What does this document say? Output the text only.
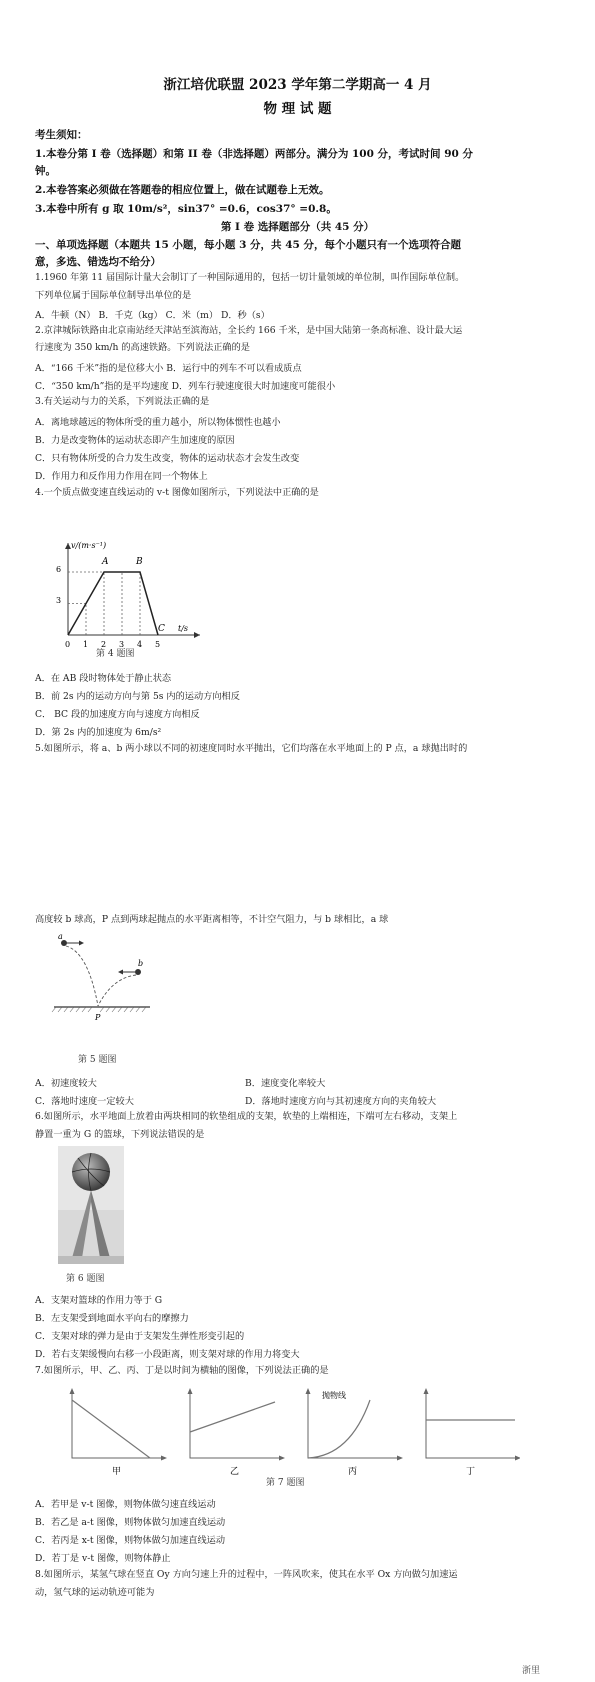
浙江培优联盟 2023 学年第二学期高一 4 月
物 理 试 题
考生须知：
1.本卷分第 I 卷（选择题）和第 II 卷（非选择题）两部分。满分为 100 分，考试时间 90 分
钟。
2.本卷答案必须做在答题卷的相应位置上，做在试题卷上无效。
3.本卷中所有 g 取 10m/s²，sin37° =0.6，cos37° =0.8。
第 I 卷 选择题部分（共 45 分）
一、单项选择题（本题共 15 小题，每小题 3 分，共 45 分，每个小题只有一个选项符合题
意，多选、错选均不给分）
1.1960 年第 11 届国际计量大会制订了一种国际通用的，包括一切计量领域的单位制，叫作国际单位制。
下列单位属于国际单位制导出单位的是
A．牛顿（N） B．千克（kg） C．米（m） D．秒（s）
2.京津城际铁路由北京南站经天津站至滨海站，全长约 166 千米，是中国大陆第一条高标准、设计最大运
行速度为 350 km/h 的高速铁路。下列说法正确的是
A．“166 千米”指的是位移大小 B．运行中的列车不可以看成质点
C．“350 km/h”指的是平均速度 D．列车行驶速度很大时加速度可能很小
3.有关运动与力的关系，下列说法正确的是
A．离地球越远的物体所受的重力越小，所以物体惯性也越小
B．力是改变物体的运动状态即产生加速度的原因
C．只有物体所受的合力发生改变，物体的运动状态才会发生改变
D．作用力和反作用力作用在同一个物体上
4.一个质点做变速直线运动的 v-t 图像如图所示，下列说法中正确的是
v/(m·s⁻¹)
t/s
6
3
0 1 2 3 4 5
A	B
C
第 4 题图
A．在 AB 段时物体处于静止状态
B．前 2s 内的运动方向与第 5s 内的运动方向相反
C． BC 段的加速度方向与速度方向相反
D．第 2s 内的加速度为 6m/s²
5.如图所示，将 a、b 两小球以不同的初速度同时水平抛出，它们均落在水平地面上的 P 点，a 球抛出时的
高度较 b 球高，P 点到两球起抛点的水平距离相等，不计空气阻力，与 b 球相比，a 球
a
b
P
第 5 题图
A．初速度较大	B．速度变化率较大
C．落地时速度一定较大	D．落地时速度方向与其初速度方向的夹角较大
6.如图所示，水平地面上放着由两块相同的软垫组成的支架，软垫的上端相连，下端可左右移动，支架上
静置一重为 G 的篮球，下列说法错误的是
第 6 题图
A．支架对篮球的作用力等于 G
B．左支架受到地面水平向右的摩擦力
C．支架对球的弹力是由于支架发生弹性形变引起的
D．若右支架缓慢向右移一小段距离，则支架对球的作用力将变大
7.如图所示，甲、乙、丙、丁是以时间为横轴的图像，下列说法正确的是
抛物线
甲	乙	丙	丁
第 7 题图
A．若甲是 v-t 图像，则物体做匀速直线运动
B．若乙是 a-t 图像，则物体做匀加速直线运动
C．若丙是 x-t 图像，则物体做匀加速直线运动
D．若丁是 v-t 图像，则物体静止
8.如图所示，某氢气球在竖直 Oy 方向匀速上升的过程中，一阵风吹来，使其在水平 Ox 方向做匀加速运
动，氢气球的运动轨迹可能为
浙里
